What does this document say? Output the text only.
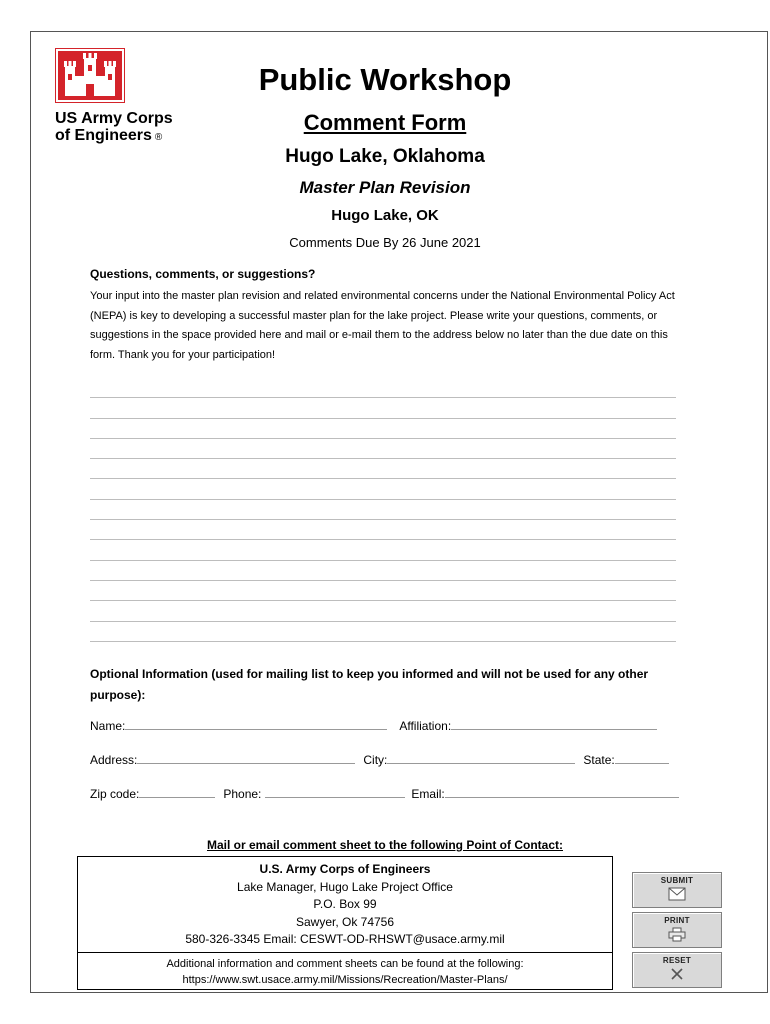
US Army Corps
of Engineers ®
Public Workshop
Comment Form
Hugo Lake, Oklahoma
Master Plan Revision
Hugo Lake, OK
Comments Due By 26 June 2021
Questions, comments, or suggestions?
Your input into the master plan revision and related environmental concerns under the National Environmental Policy Act (NEPA) is key to developing a successful master plan for the lake project. Please write your questions, comments, or suggestions in the space provided here and mail or e-mail them to the address below no later than the due date on this form. Thank you for your participation!
Optional Information (used for mailing list to keep you informed and will not be used for any other purpose):
Name:	Affiliation:
Address:	City:	State:
Zip code:	Phone:	Email:
Mail or email comment sheet to the following Point of Contact:
U.S. Army Corps of Engineers
Lake Manager, Hugo Lake Project Office
P.O. Box 99
Sawyer, Ok 74756
580-326-3345 Email: CESWT-OD-RHSWT@usace.army.mil
Additional information and comment sheets can be found at the following:
https://www.swt.usace.army.mil/Missions/Recreation/Master-Plans/
SUBMIT
PRINT
RESET
